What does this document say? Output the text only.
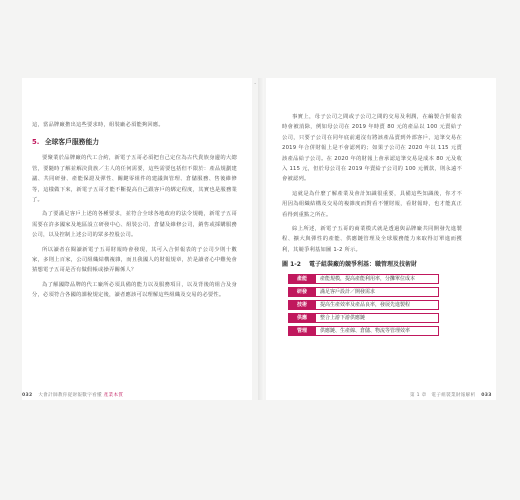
·

這，當品牌廠擔出這些要求時，組裝廠必須能夠回應。

5. 全球客戶服務能力

要聚業於品牌廠的代工合約，新電子五哥必須把自己定位為古代貴族身邊的大總管，要隨時了解並解決貴族／主人的任何需要，這些需要包括但不限於：產品規劃建議、共同研發、產能保證及彈性、關鍵零組件的建議與管理、倉儲服務、售後維修等，這樣做下來，新電子五哥才能不斷提高自己跟客戶的綁定程度，其實也是服務業了。

為了要滿足客戶上述的各種要求，並符合全球各地政府的法令規範，新電子五哥需要在許多國家及地區設立研發中心、組裝公司、倉儲及維修公司，銷售或採購服務公司，以及控制上述公司的眾多控股公司。

所以讀者在閱讀新電子五哥財報時會發現，其可入合併報表的子公司少則十數家，多則上百家，公司組織結構複雜，而且我國人的財報規章，於是讀者心中難免會猜想電子五哥是否有做假帳或操弄關係人？

為了解國際品牌的代工廠所必須具備的能力以及服務項目，以及背後的組合及身分，必須符合各國的課稅規定後，讀者應該可以理解這些組織及交易的必要性。

事實上，母子公司之間或子公司之間的交易及利潤，在編製合併報表時會被消除，例如母公司在 2019 年時賣 80 元的產品以 100 元賣給子公司，只要子公司在同年底前還沒有將該產品賣到外部客戶，這筆交易在 2019 年合併財報上是不會認列的；如果子公司在 2020 年以 115 元賣該產品給子公司。在 2020 年的財報上會承認這筆交易是成本 80 元及收入 115 元，但於母公司在 2019 年賣給子公司的 100 元價款，則永遠不會被認列。

這就是為什麼了解產業及會計知識很重要，具備這些知識後，你才不用因為組織結構及交易的複雜度而對看不懂財報，看財報時，也才能真正看得到重點之所在。

綜上所述，新電子五哥的商業模式就是透過與品牌廠共同開發先進製程、擴大與彈性的產能、供應鏈管理及全球服務能力來取得訂單進而獲利，其競爭利基如圖 1-2 所示。

圖 1-2 電子組裝廠的競爭利基：職管理及技術財
產能	產能規模，提高產能利用率，分攤單位成本
研發	滿足客戶設計／開發需求
技術	提高生產效率及產品良率，發展先進製程
供應	整合上游下游供應鏈
管理	供應鏈、生產線、倉儲、物流等管理效率
032 大會計師教你從財報數字看懂 產業本質	第 1 章　電子組裝業財報解析 033
